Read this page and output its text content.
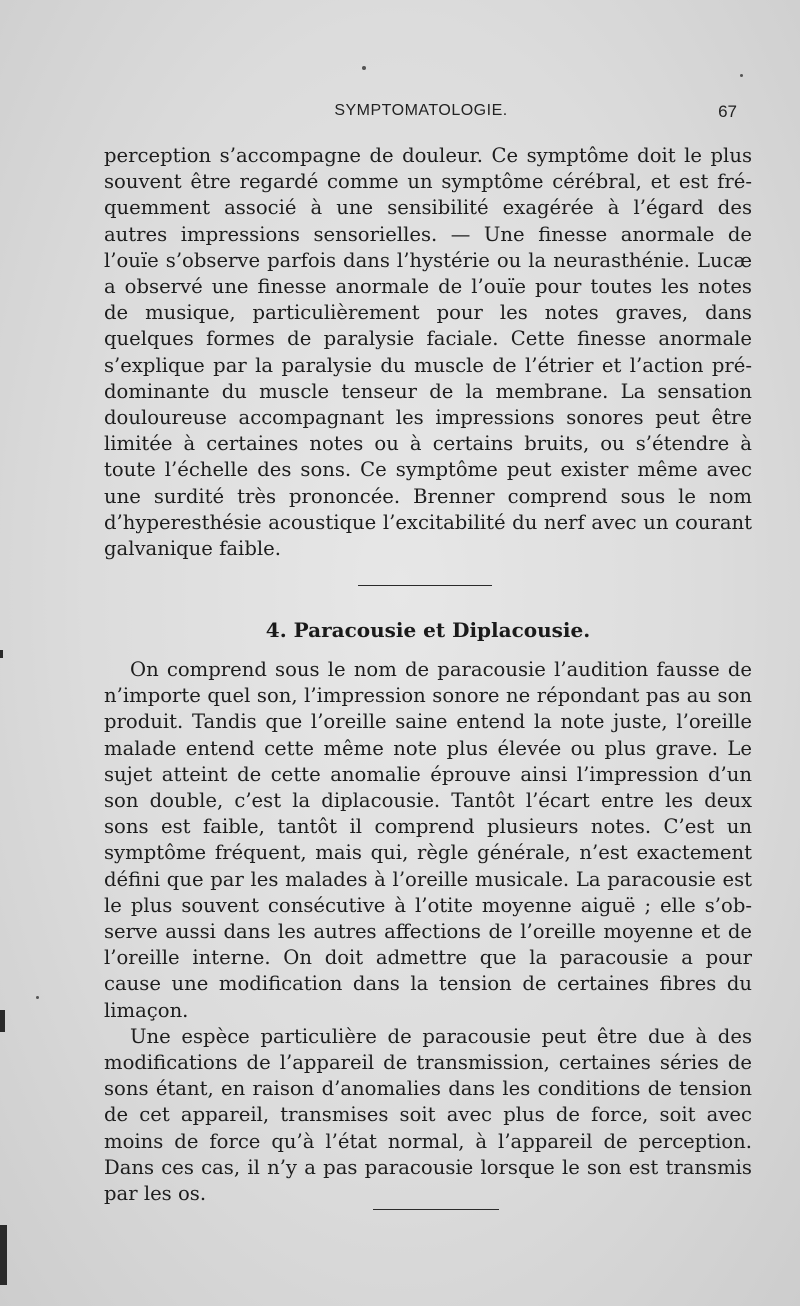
SYMPTOMATOLOGIE.	67

perception s’accompagne de douleur. Ce symptôme doit le plus souvent être regardé comme un symptôme cérébral, et est fréquemment associé à une sensibilité exagérée à l’égard des autres impressions sensorielles. — Une finesse anormale de l’ouïe s’observe parfois dans l’hystérie ou la neurasthénie. Lucæ a observé une finesse anormale de l’ouïe pour toutes les notes de musique, particulièrement pour les notes graves, dans quelques formes de paralysie faciale. Cette finesse anormale s’explique par la paralysie du muscle de l’étrier et l’action prédominante du muscle tenseur de la membrane. La sensation douloureuse accompagnant les impressions sonores peut être limitée à certaines notes ou à certains bruits, ou s’étendre à toute l’échelle des sons. Ce symptôme peut exister même avec une surdité très prononcée. Brenner comprend sous le nom d’hyperesthésie acoustique l’excitabilité du nerf avec un courant galvanique faible.

4. Paracousie et Diplacousie.

On comprend sous le nom de paracousie l’audition fausse de n’importe quel son, l’impression sonore ne répondant pas au son produit. Tandis que l’oreille saine entend la note juste, l’oreille malade entend cette même note plus élevée ou plus grave. Le sujet atteint de cette anomalie éprouve ainsi l’impression d’un son double, c’est la diplacousie. Tantôt l’écart entre les deux sons est faible, tantôt il comprend plusieurs notes. C’est un symptôme fréquent, mais qui, règle générale, n’est exactement défini que par les malades à l’oreille musicale. La paracousie est le plus souvent consécutive à l’otite moyenne aiguë ; elle s’observe aussi dans les autres affections de l’oreille moyenne et de l’oreille interne. On doit admettre que la paracousie a pour cause une modification dans la tension de certaines fibres du limaçon.

Une espèce particulière de paracousie peut être due à des modifications de l’appareil de transmission, certaines séries de sons étant, en raison d’anomalies dans les conditions de tension de cet appareil, transmises soit avec plus de force, soit avec moins de force qu’à l’état normal, à l’appareil de perception. Dans ces cas, il n’y a pas paracousie lorsque le son est transmis par les os.
